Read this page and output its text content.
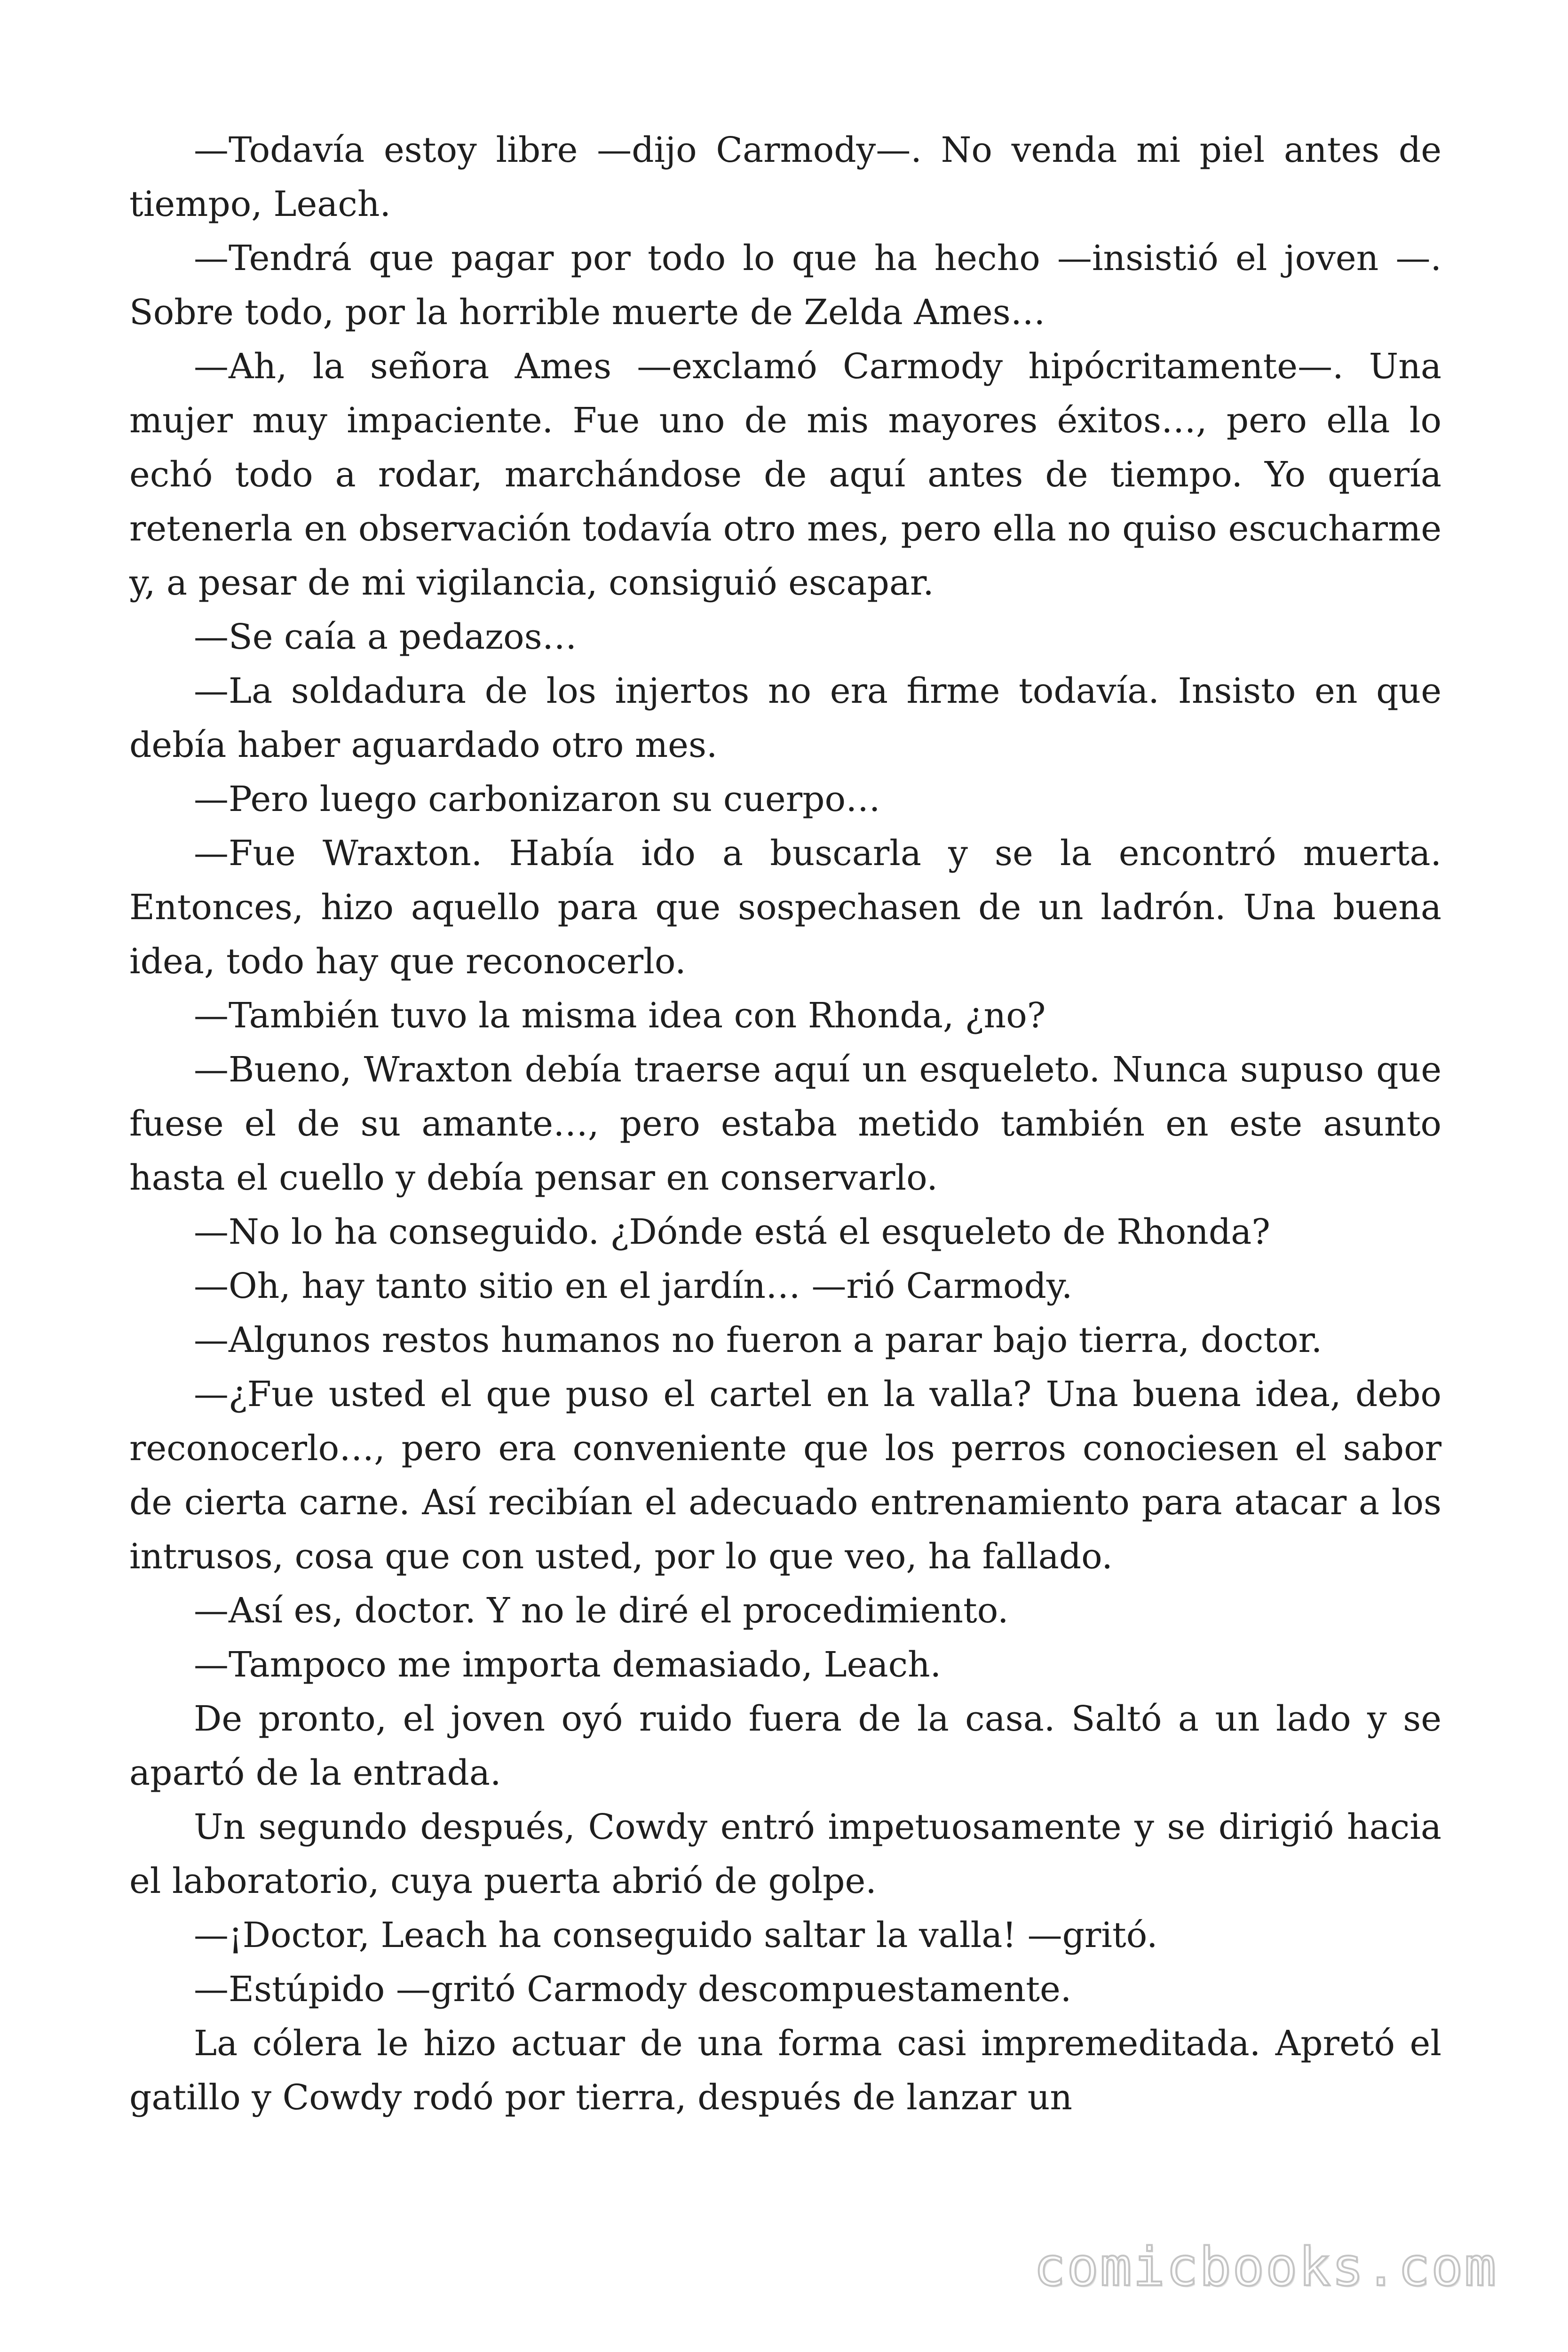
—Todavía estoy libre —dijo Carmody—. No venda mi piel antes de tiempo, Leach.

—Tendrá que pagar por todo lo que ha hecho —insistió el joven —. Sobre todo, por la horrible muerte de Zelda Ames…

—Ah, la señora Ames —exclamó Carmody hipócritamente—. Una mujer muy impaciente. Fue uno de mis mayores éxitos…, pero ella lo echó todo a rodar, marchándose de aquí antes de tiempo. Yo quería retenerla en observación todavía otro mes, pero ella no quiso escucharme y, a pesar de mi vigilancia, consiguió escapar.

—Se caía a pedazos…

—La soldadura de los injertos no era firme todavía. Insisto en que debía haber aguardado otro mes.

—Pero luego carbonizaron su cuerpo…

—Fue Wraxton. Había ido a buscarla y se la encontró muerta. Entonces, hizo aquello para que sospechasen de un ladrón. Una buena idea, todo hay que reconocerlo.

—También tuvo la misma idea con Rhonda, ¿no?

—Bueno, Wraxton debía traerse aquí un esqueleto. Nunca supuso que fuese el de su amante…, pero estaba metido también en este asunto hasta el cuello y debía pensar en conservarlo.

—No lo ha conseguido. ¿Dónde está el esqueleto de Rhonda?

—Oh, hay tanto sitio en el jardín… —rió Carmody.

—Algunos restos humanos no fueron a parar bajo tierra, doctor.

—¿Fue usted el que puso el cartel en la valla? Una buena idea, debo reconocerlo…, pero era conveniente que los perros conociesen el sabor de cierta carne. Así recibían el adecuado entrenamiento para atacar a los intrusos, cosa que con usted, por lo que veo, ha fallado.

—Así es, doctor. Y no le diré el procedimiento.

—Tampoco me importa demasiado, Leach.

De pronto, el joven oyó ruido fuera de la casa. Saltó a un lado y se apartó de la entrada.

Un segundo después, Cowdy entró impetuosamente y se dirigió hacia el laboratorio, cuya puerta abrió de golpe.

—¡Doctor, Leach ha conseguido saltar la valla! —gritó.

—Estúpido —gritó Carmody descompuestamente.

La cólera le hizo actuar de una forma casi impremeditada. Apretó el gatillo y Cowdy rodó por tierra, después de lanzar un

comicbooks.com
